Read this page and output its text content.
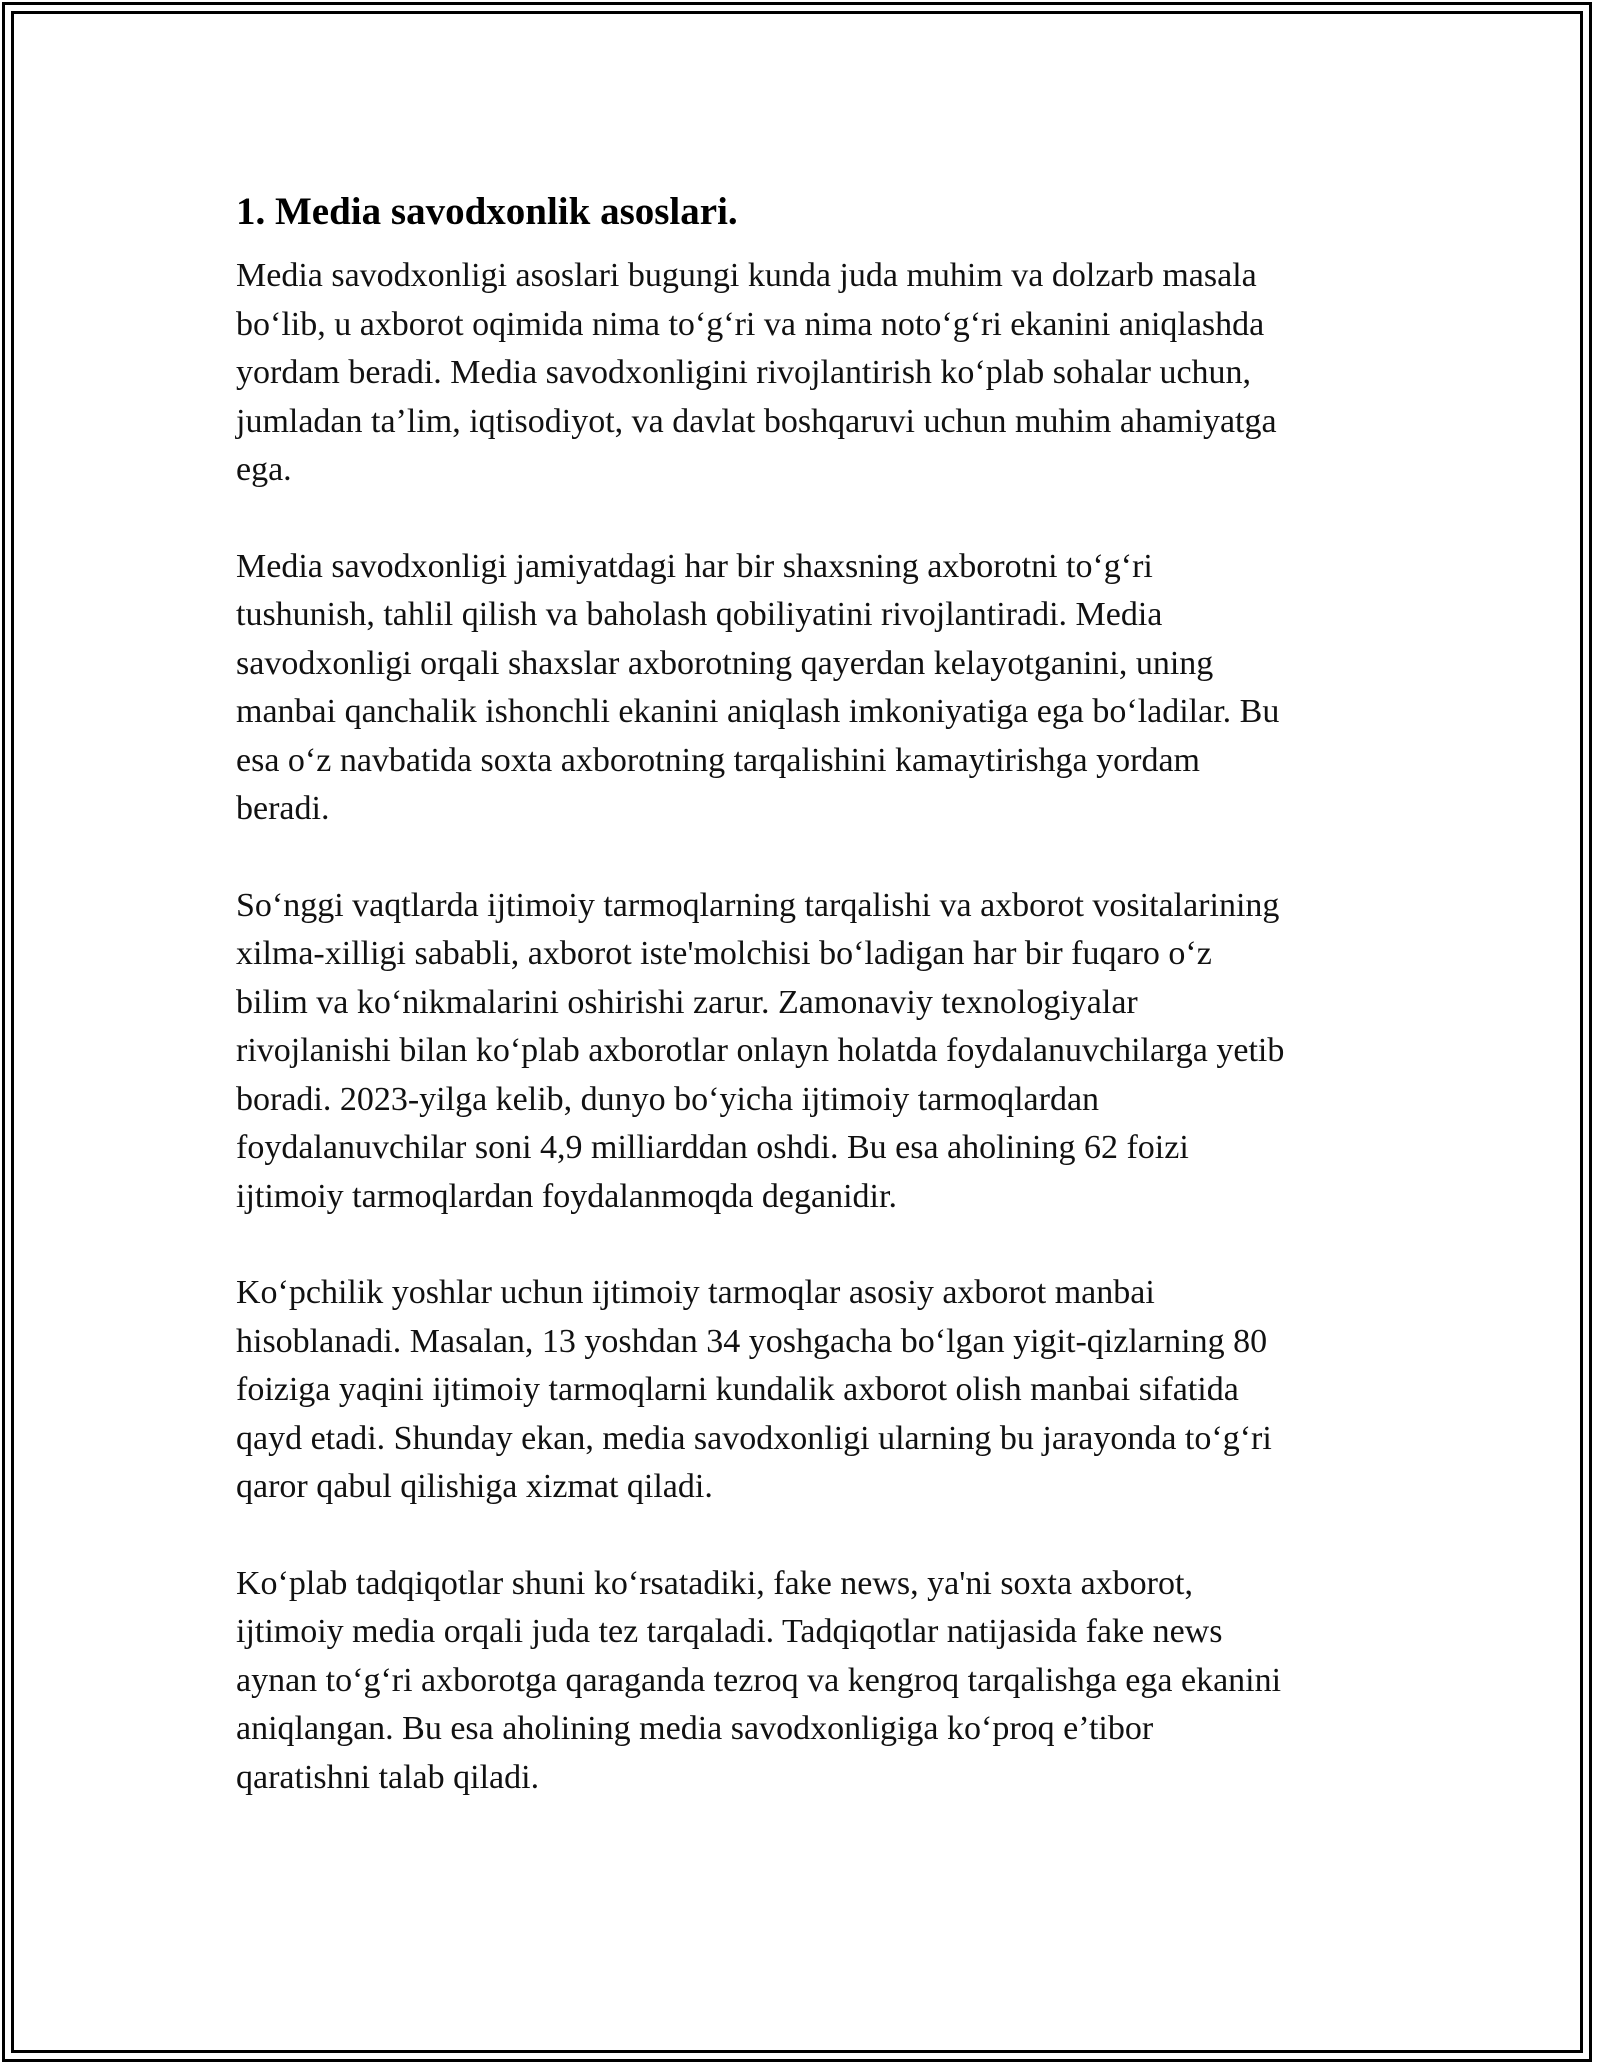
1. Media savodxonlik asoslari.

Media savodxonligi asoslari bugungi kunda juda muhim va dolzarb masala
bo‘lib, u axborot oqimida nima to‘g‘ri va nima noto‘g‘ri ekanini aniqlashda
yordam beradi. Media savodxonligini rivojlantirish ko‘plab sohalar uchun,
jumladan ta’lim, iqtisodiyot, va davlat boshqaruvi uchun muhim ahamiyatga
ega.

Media savodxonligi jamiyatdagi har bir shaxsning axborotni to‘g‘ri
tushunish, tahlil qilish va baholash qobiliyatini rivojlantiradi. Media
savodxonligi orqali shaxslar axborotning qayerdan kelayotganini, uning
manbai qanchalik ishonchli ekanini aniqlash imkoniyatiga ega bo‘ladilar. Bu
esa o‘z navbatida soxta axborotning tarqalishini kamaytirishga yordam
beradi.

So‘nggi vaqtlarda ijtimoiy tarmoqlarning tarqalishi va axborot vositalarining
xilma-xilligi sababli, axborot iste'molchisi bo‘ladigan har bir fuqaro o‘z
bilim va ko‘nikmalarini oshirishi zarur. Zamonaviy texnologiyalar
rivojlanishi bilan ko‘plab axborotlar onlayn holatda foydalanuvchilarga yetib
boradi. 2023-yilga kelib, dunyo bo‘yicha ijtimoiy tarmoqlardan
foydalanuvchilar soni 4,9 milliarddan oshdi. Bu esa aholining 62 foizi
ijtimoiy tarmoqlardan foydalanmoqda deganidir.

Ko‘pchilik yoshlar uchun ijtimoiy tarmoqlar asosiy axborot manbai
hisoblanadi. Masalan, 13 yoshdan 34 yoshgacha bo‘lgan yigit-qizlarning 80
foiziga yaqini ijtimoiy tarmoqlarni kundalik axborot olish manbai sifatida
qayd etadi. Shunday ekan, media savodxonligi ularning bu jarayonda to‘g‘ri
qaror qabul qilishiga xizmat qiladi.

Ko‘plab tadqiqotlar shuni ko‘rsatadiki, fake news, ya'ni soxta axborot,
ijtimoiy media orqali juda tez tarqaladi. Tadqiqotlar natijasida fake news
aynan to‘g‘ri axborotga qaraganda tezroq va kengroq tarqalishga ega ekanini
aniqlangan. Bu esa aholining media savodxonligiga ko‘proq e’tibor
qaratishni talab qiladi.
